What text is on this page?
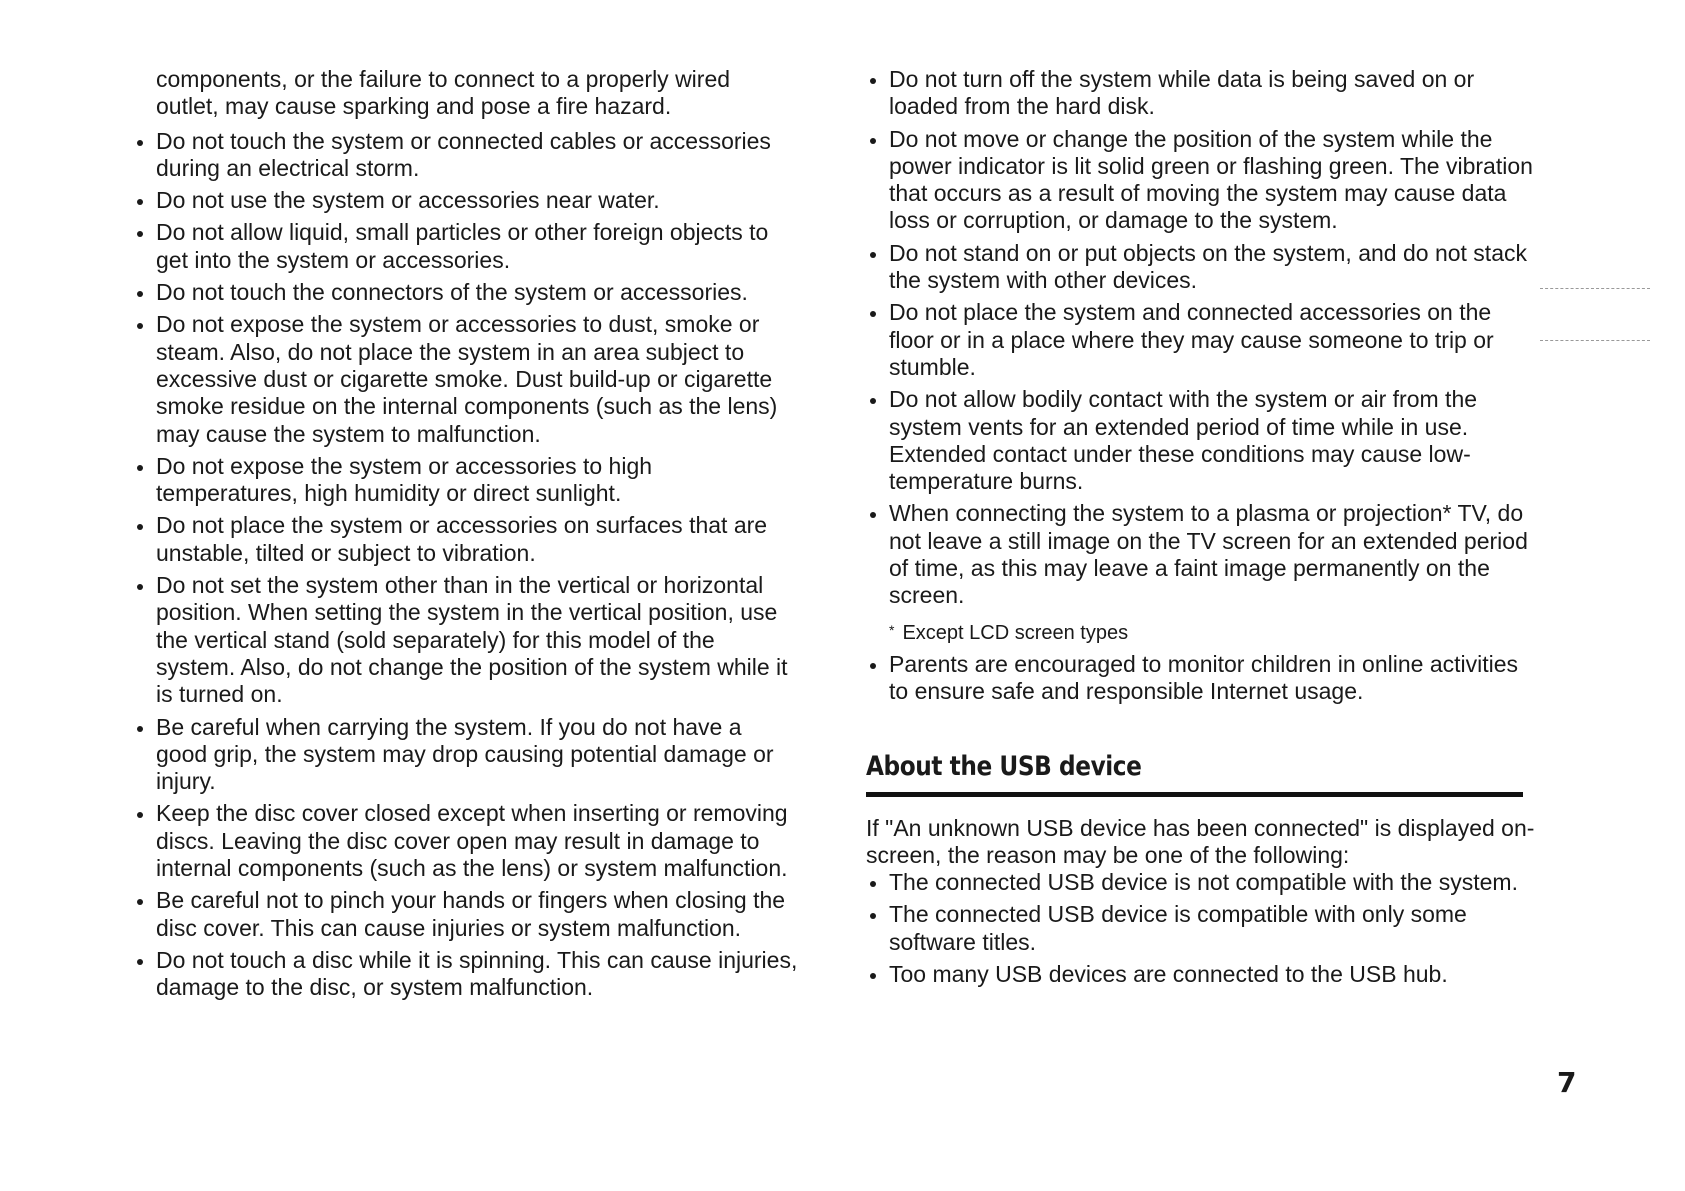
components, or the failure to connect to a properly wired outlet, may cause sparking and pose a fire hazard.

Do not touch the system or connected cables or accessories during an electrical storm.
Do not use the system or accessories near water.
Do not allow liquid, small particles or other foreign objects to get into the system or accessories.
Do not touch the connectors of the system or accessories.
Do not expose the system or accessories to dust, smoke or steam. Also, do not place the system in an area subject to excessive dust or cigarette smoke. Dust build-up or cigarette smoke residue on the internal components (such as the lens) may cause the system to malfunction.
Do not expose the system or accessories to high temperatures, high humidity or direct sunlight.
Do not place the system or accessories on surfaces that are unstable, tilted or subject to vibration.
Do not set the system other than in the vertical or horizontal position. When setting the system in the vertical position, use the vertical stand (sold separately) for this model of the system. Also, do not change the position of the system while it is turned on.
Be careful when carrying the system. If you do not have a good grip, the system may drop causing potential damage or injury.
Keep the disc cover closed except when inserting or removing discs. Leaving the disc cover open may result in damage to internal components (such as the lens) or system malfunction.
Be careful not to pinch your hands or fingers when closing the disc cover. This can cause injuries or system malfunction.
Do not touch a disc while it is spinning. This can cause injuries, damage to the disc, or system malfunction.
Do not turn off the system while data is being saved on or loaded from the hard disk.
Do not move or change the position of the system while the power indicator is lit solid green or flashing green. The vibration that occurs as a result of moving the system may cause data loss or corruption, or damage to the system.
Do not stand on or put objects on the system, and do not stack the system with other devices.
Do not place the system and connected accessories on the floor or in a place where they may cause someone to trip or stumble.
Do not allow bodily contact with the system or air from the system vents for an extended period of time while in use. Extended contact under these conditions may cause low-temperature burns.
When connecting the system to a plasma or projection* TV, do not leave a still image on the TV screen for an extended period of time, as this may leave a faint image permanently on the screen.

* Except LCD screen types

Parents are encouraged to monitor children in online activities to ensure safe and responsible Internet usage.
About the USB device

If "An unknown USB device has been connected" is displayed on-screen, the reason may be one of the following:

The connected USB device is not compatible with the system.
The connected USB device is compatible with only some software titles.
Too many USB devices are connected to the USB hub.
7
